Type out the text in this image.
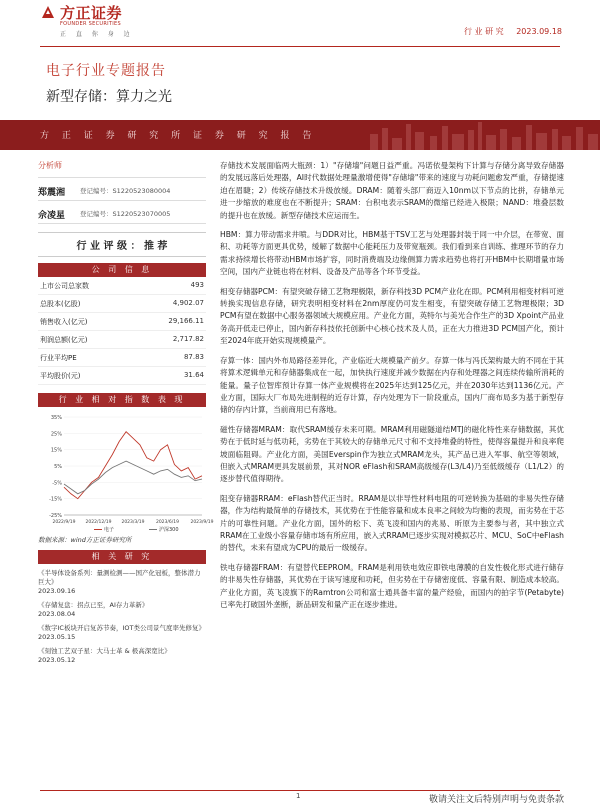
方正证券
FOUNDER SECURITIES
正 直 你 身 边	行 业 研 究 2023.09.18
电子行业专题报告
新型存储：算力之光
方 正 证 券 研 究 所 证 券 研 究 报 告
分析师
郑震湘 登记编号：S1220523080004
佘凌星 登记编号：S1220523070005
行 业 评 级 ： 推 荐
公 司 信 息
上市公司总家数	493
总股本(亿股)	4,902.07
销售收入(亿元)	29,166.11
利润总额(亿元)	2,717.82
行业平均PE	87.83
平均股价(元)	31.64
行 业 相 对 指 数 表 现
-25%
-15%
-5%
5%
15%
25%
35%
2022/9/19 2022/12/19 2023/3/19	2023/6/19	2023/9/19
电子	沪深300
数据来源：wind方正证券研究所
相 关 研 究
《半导体设备系列：量测检测——国产化冠板，整体潜力巨大》
2023.09.16
《存储复盘：拐点已至，AI存力革新》
2023.08.04
《数字IC板块开启复苏节奏，IOT类公司景气度率先修复》
2023.05.15
《刻蚀工艺双子星：大马士革 & 极高深宽比》
2023.05.12

存储技术发展面临两大瓶颈：1）"存储墙"问题日益严重。冯诺依曼架构下计算与存储分离导致存储器的发展远落后处理器，AI时代数据处理量激增使得"存储墙"带来的速度与功耗问题愈发严重，存储提速迫在眉睫；2）传统存储技术升级放缓。DRAM：随着头部厂商迈入10nm以下节点的比拼，存储单元进一步缩放的难度也在不断提升；SRAM：台积电表示SRAM的微缩已经进入极限；NAND：堆叠层数的提升也在放缓。新型存储技术应运而生。

HBM：算力带动需求井喷。与DDR对比，HBM基于TSV工艺与处理器封装于同一中介层，在带宽、面积、功耗等方面更具优势，缓解了数据中心能耗压力及带宽瓶颈。我们看到来自训练、推理环节的存力需求持续增长将带动HBM市场扩容，同时消费端及边缘侧算力需求趋势也将打开HBM中长期增量市场空间，国内产业链也将在材料、设备及产品等各个环节受益。

相变存储器PCM：有望突破存储工艺物理极限，新存科技3D PCM产业化在即。PCM利用相变材料可逆转换实现信息存储，研究表明相变材料在2nm厚度仍可发生相变，有望突破存储工艺物理极限；3D PCM有望在数据中心服务器领域大规模应用。产业化方面，英特尔与美光合作生产的3D Xpoint产品业务高开低走已停止，国内新存科技依托创新中心核心技术及人员，正在大力推进3D PCM国产化，预计至2024年底开始实现规模量产。

存算一体：国内外布局路径差异化，产业临近大规模量产前夕。存算一体与冯氏架构最大的不同在于其将算术逻辑单元和存储器集成在一起，加快执行速度并减少数据在内存和处理器之间连续传输所消耗的能量。量子位智库预计存算一体产业规模将在2025年达到125亿元，并在2030年达到1136亿元。产业方面，国际大厂布局先进制程的近存计算，存内处理为下一阶段重点，国内厂商布局多为基于新型存储的存内计算，当前商用已有落地。

磁性存储器MRAM：取代SRAM缓存未来可期。MRAM利用磁隧道结MTJ的磁化特性来存储数据，其优势在于低时延与低功耗，劣势在于其较大的存储单元尺寸和不支持堆叠的特性，使得容量提升和良率爬坡面临阻碍。产业化方面，美国Everspin作为独立式MRAM龙头，其产品已进入军事、航空等领域，但嵌入式MRAM更具发展前景，其对NOR eFlash和SRAM高级缓存(L3/L4)乃至低级缓存（L1/L2）的逐步替代值得期待。

阻变存储器RRAM：eFlash替代正当时。RRAM是以非导性材料电阻的可逆转换为基础的非易失性存储器，作为结构最简单的存储技术，其优势在于性能容量和成本良率之间较为均衡的表现，而劣势在于芯片的可靠性问题。产业化方面，国外的松下、英飞凌和国内的兆易、昕原为主要参与者，其中独立式RRAM在工业级小容量存储市场有所应用，嵌入式RRAM已逐步实现对模拟芯片、MCU、SoC中eFlash的替代，未来有望成为CPU的最后一级缓存。

铁电存储器FRAM：有望替代EEPROM。FRAM是利用铁电效应即铁电薄膜的自发性极化形式进行储存的非易失性存储器，其优势在于读写速度和功耗，但劣势在于存储密度低、容量有限、制造成本较高。产业化方面，英飞凌旗下的Ramtron公司和富士通具备丰富的量产经验，而国内的拍字节(Petabyte)已率先打破国外垄断，新品研发和量产正在逐步推进。

1	敬请关注文后特别声明与免责条款
